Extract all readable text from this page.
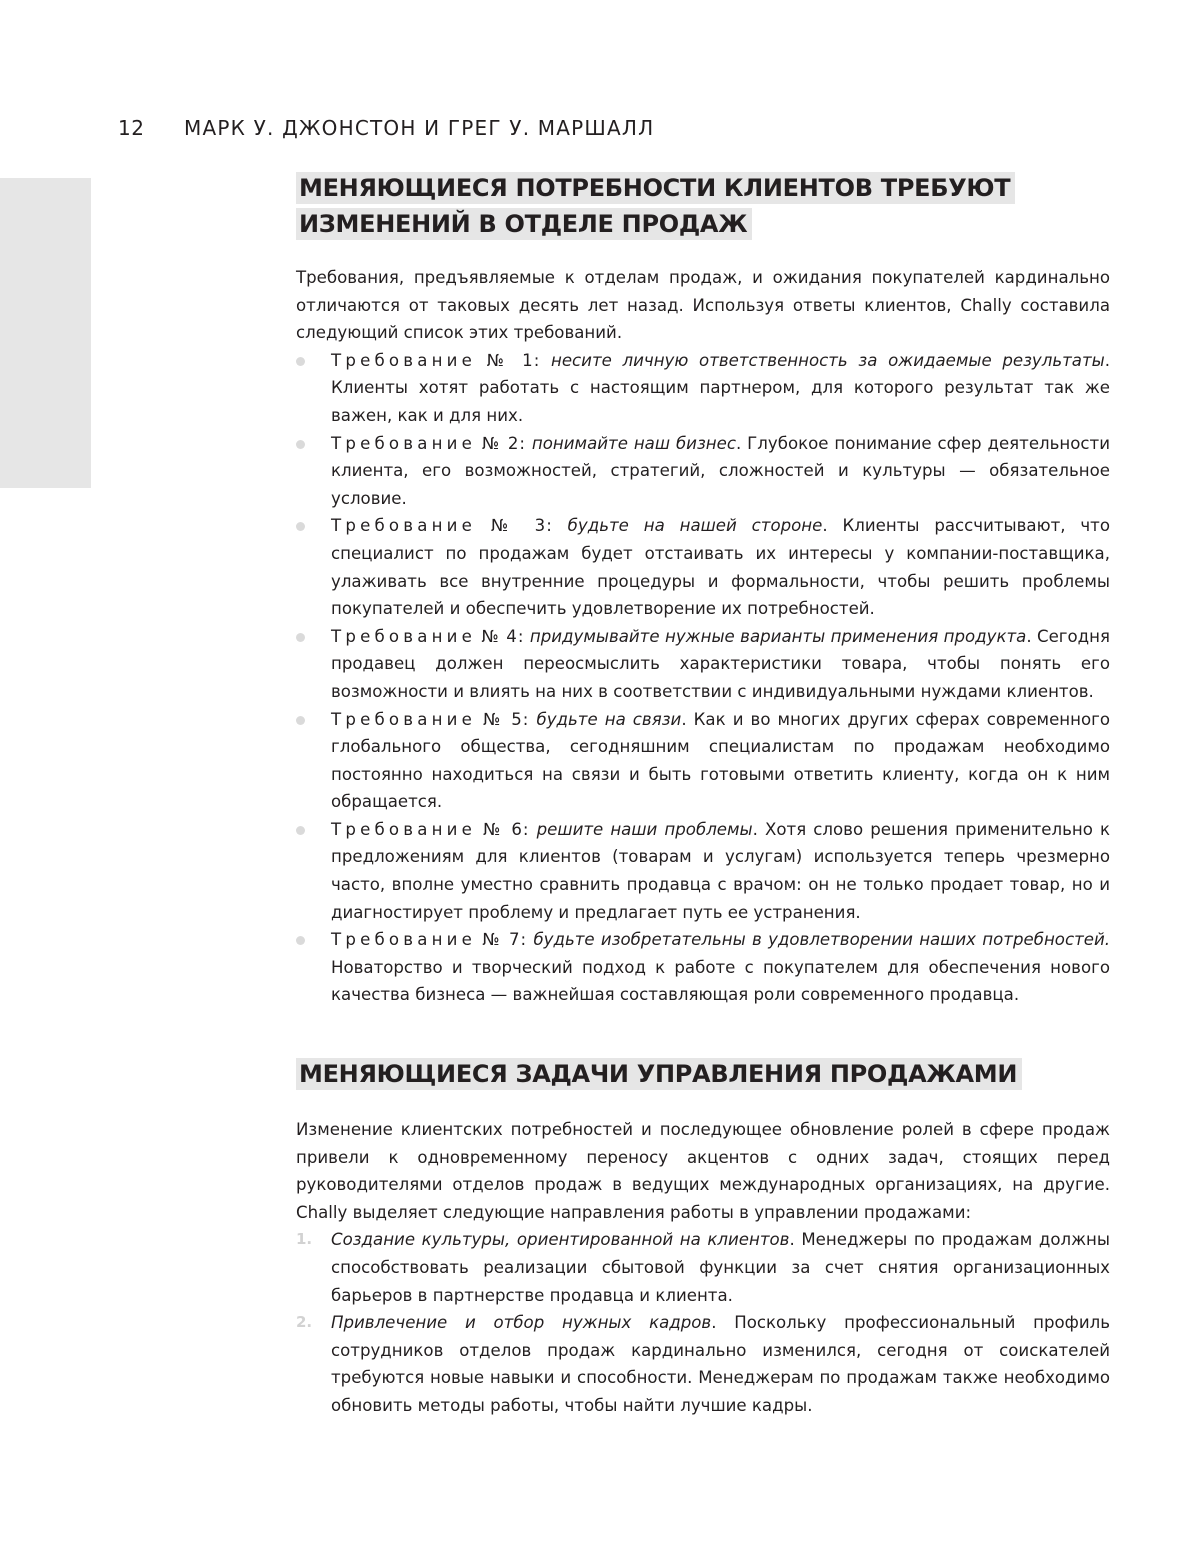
12 МАРК У. ДЖОНСТОН И ГРЕГ У. МАРШАЛЛ
МЕНЯЮЩИЕСЯ ПОТРЕБНОСТИ КЛИЕНТОВ ТРЕБУЮТ ИЗМЕНЕНИЙ В ОТДЕЛЕ ПРОДАЖ

Требования, предъявляемые к отделам продаж, и ожидания покупателей кардинально отличаются от таковых десять лет назад. Используя ответы клиентов, Chally составила следующий список этих требований.

Требование № 1: несите личную ответственность за ожидаемые результаты. Клиенты хотят работать с настоящим партнером, для которого результат так же важен, как и для них.
Требование № 2: понимайте наш бизнес. Глубокое понимание сфер деятельности клиента, его возможностей, стратегий, сложностей и культуры — обязательное условие.
Требование № 3: будьте на нашей стороне. Клиенты рассчитывают, что специалист по продажам будет отстаивать их интересы у компании-поставщика, улаживать все внутренние процедуры и формальности, чтобы решить проблемы покупателей и обеспечить удовлетворение их потребностей.
Требование № 4: придумывайте нужные варианты применения продукта. Сегодня продавец должен переосмыслить характеристики товара, чтобы понять его возможности и влиять на них в соответствии с индивидуальными нуждами клиентов.
Требование № 5: будьте на связи. Как и во многих других сферах современного глобального общества, сегодняшним специалистам по продажам необходимо постоянно находиться на связи и быть готовыми ответить клиенту, когда он к ним обращается.
Требование № 6: решите наши проблемы. Хотя слово решения применительно к предложениям для клиентов (товарам и услугам) используется теперь чрезмерно часто, вполне уместно сравнить продавца с врачом: он не только продает товар, но и диагностирует проблему и предлагает путь ее устранения.
Требование № 7: будьте изобретательны в удовлетворении наших потребностей. Новаторство и творческий подход к работе с покупателем для обеспечения нового качества бизнеса — важнейшая составляющая роли современного продавца.
МЕНЯЮЩИЕСЯ ЗАДАЧИ УПРАВЛЕНИЯ ПРОДАЖАМИ

Изменение клиентских потребностей и последующее обновление ролей в сфере продаж привели к одновременному переносу акцентов с одних задач, стоящих перед руководителями отделов продаж в ведущих международных организациях, на другие. Chally выделяет следующие направления работы в управлении продажами:

1. Создание культуры, ориентированной на клиентов. Менеджеры по продажам должны способствовать реализации сбытовой функции за счет снятия организационных барьеров в партнерстве продавца и клиента.
2. Привлечение и отбор нужных кадров. Поскольку профессиональный профиль сотрудников отделов продаж кардинально изменился, сегодня от соискателей требуются новые навыки и способности. Менеджерам по продажам также необходимо обновить методы работы, чтобы найти лучшие кадры.
